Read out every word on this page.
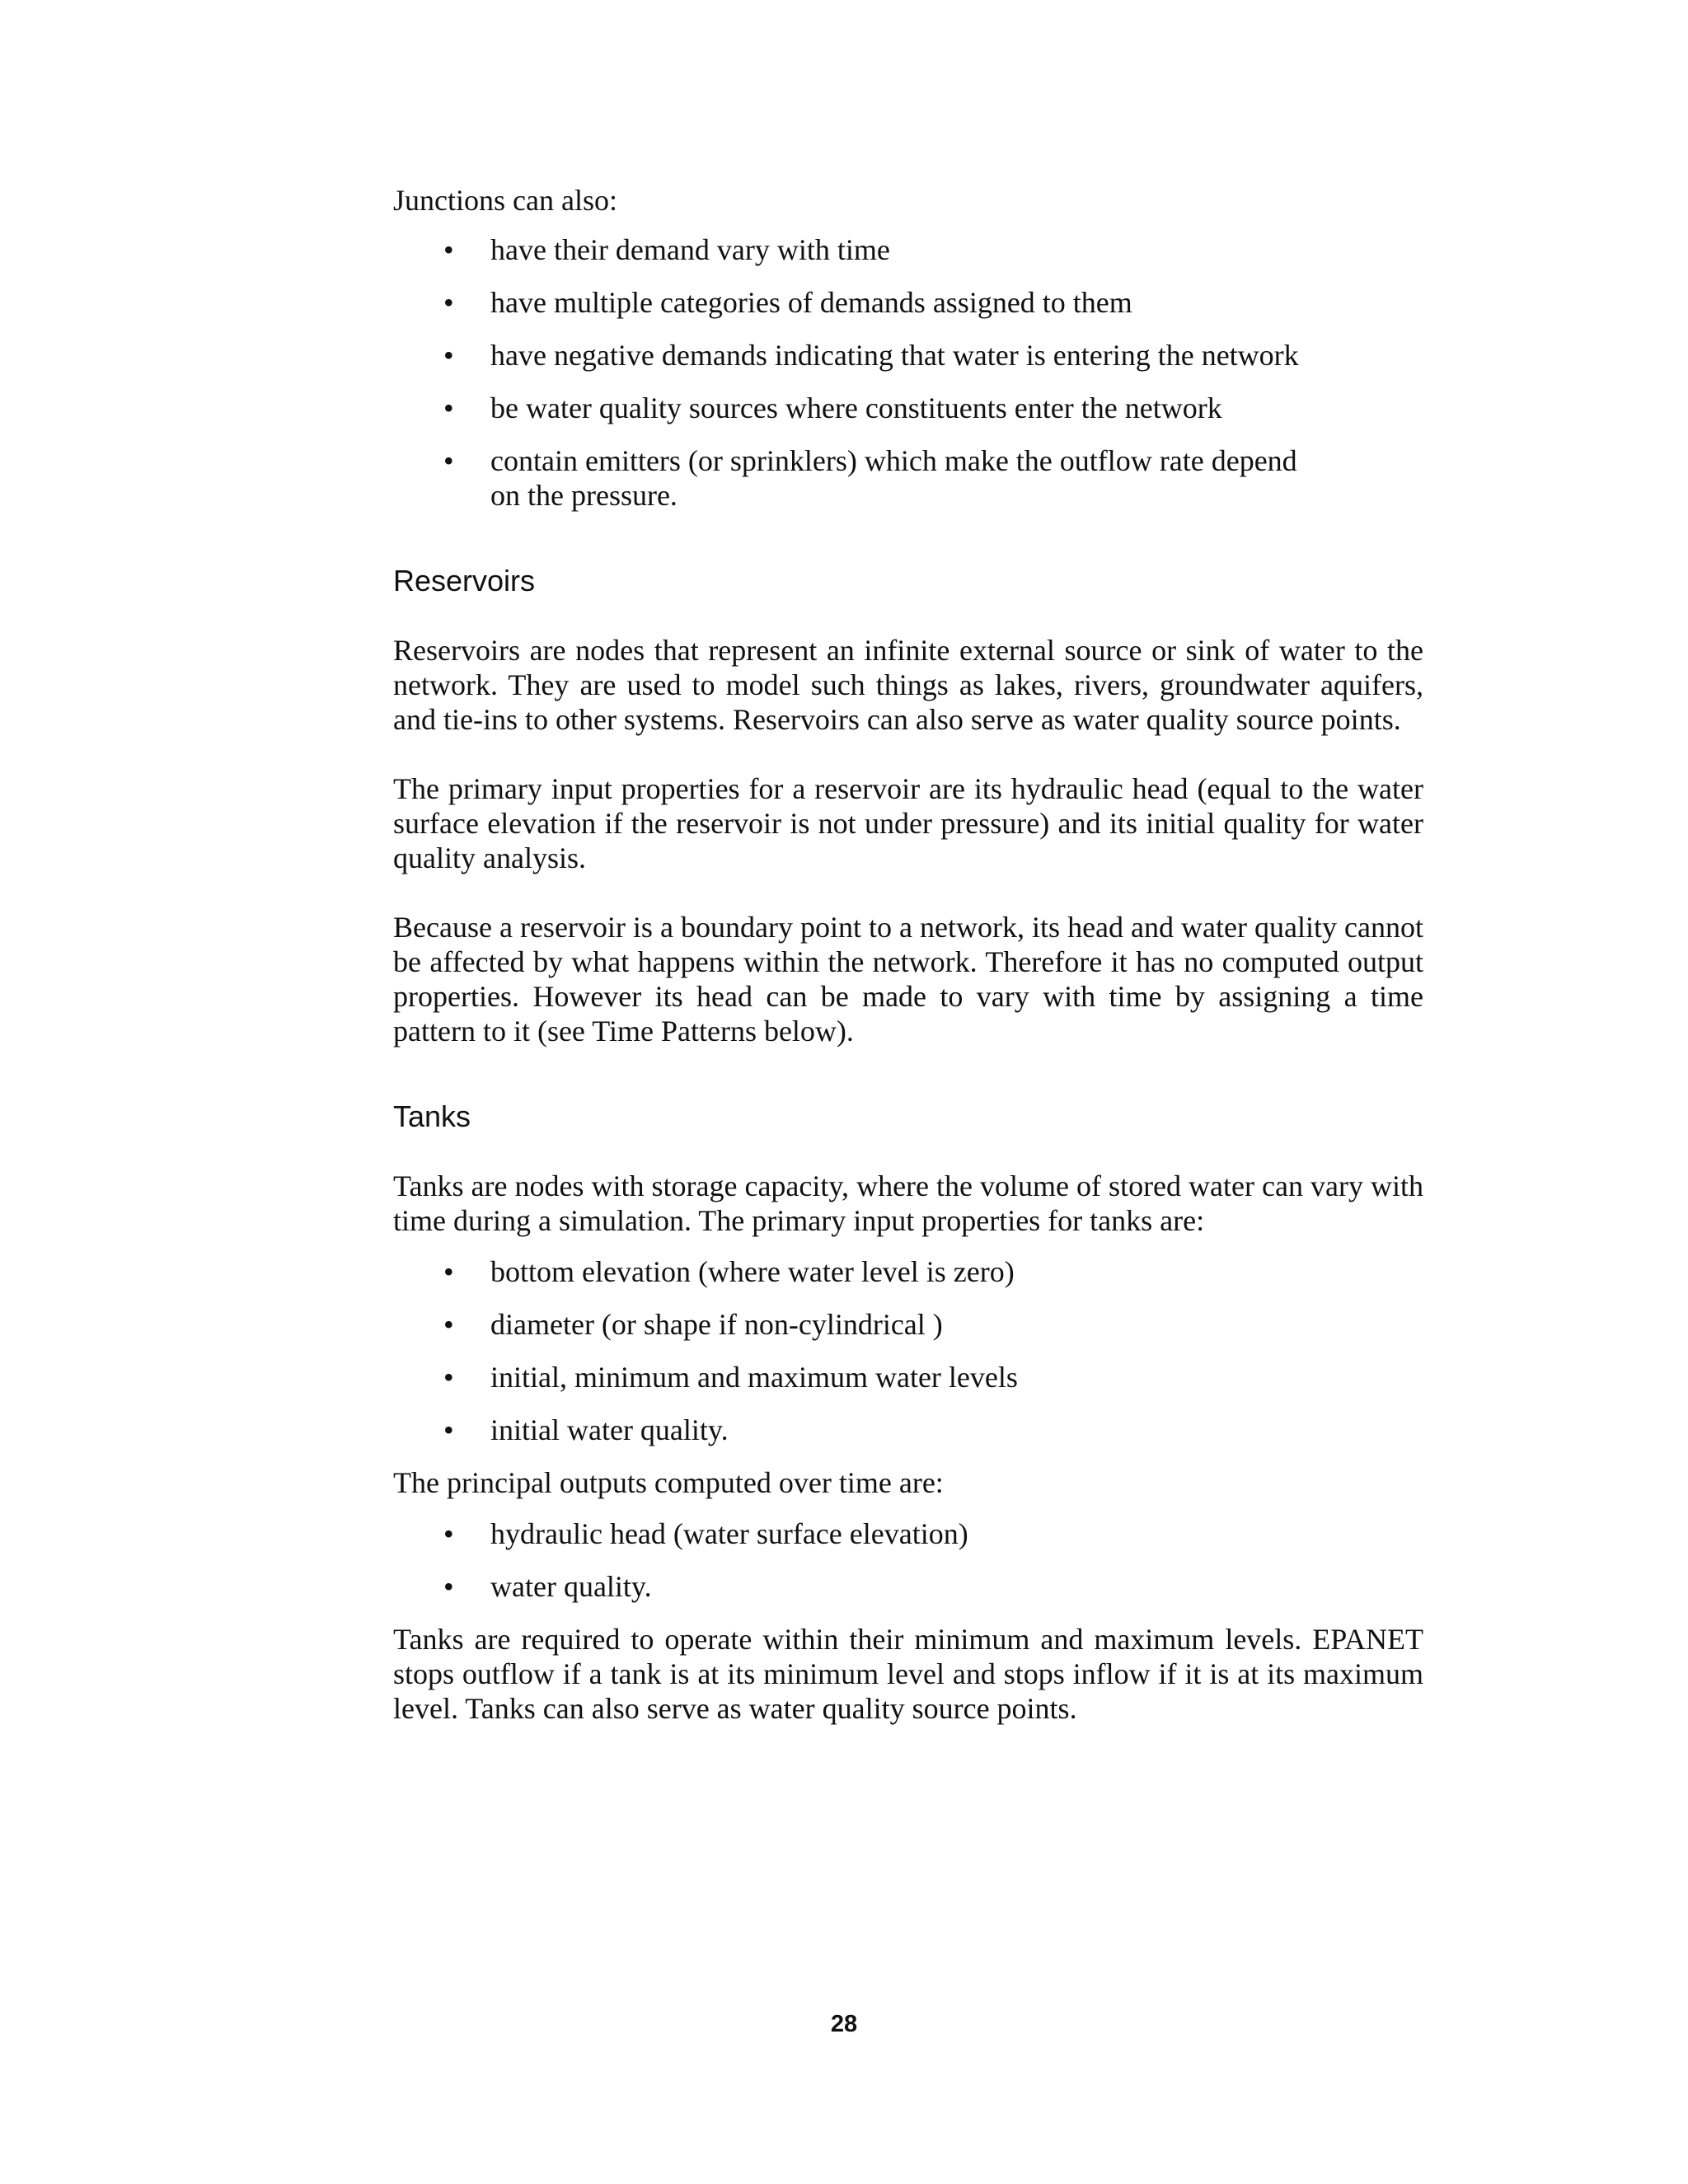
Junctions can also:

• have their demand vary with time
• have multiple categories of demands assigned to them
• have negative demands indicating that water is entering the network
• be water quality sources where constituents enter the network
• contain emitters (or sprinklers) which make the outflow rate depend on the pressure.
Reservoirs

Reservoirs are nodes that represent an infinite external source or sink of water to the network. They are used to model such things as lakes, rivers, groundwater aquifers, and tie-ins to other systems. Reservoirs can also serve as water quality source points.

The primary input properties for a reservoir are its hydraulic head (equal to the water surface elevation if the reservoir is not under pressure) and its initial quality for water quality analysis.

Because a reservoir is a boundary point to a network, its head and water quality cannot be affected by what happens within the network. Therefore it has no computed output properties. However its head can be made to vary with time by assigning a time pattern to it (see Time Patterns below).

Tanks

Tanks are nodes with storage capacity, where the volume of stored water can vary with time during a simulation. The primary input properties for tanks are:

• bottom elevation (where water level is zero)
• diameter (or shape if non-cylindrical )
• initial, minimum and maximum water levels
• initial water quality.

The principal outputs computed over time are:

• hydraulic head (water surface elevation)
• water quality.

Tanks are required to operate within their minimum and maximum levels. EPANET stops outflow if a tank is at its minimum level and stops inflow if it is at its maximum level. Tanks can also serve as water quality source points.

28
